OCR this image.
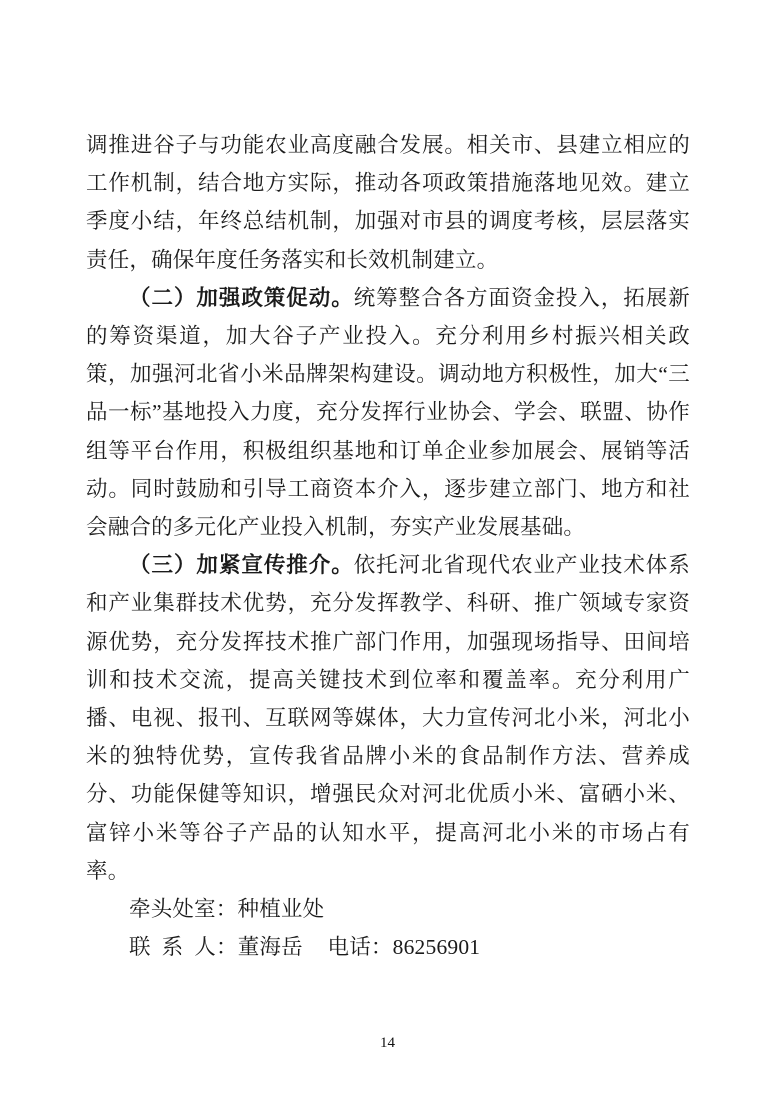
调推进谷子与功能农业高度融合发展。相关市、县建立相应的工作机制，结合地方实际，推动各项政策措施落地见效。建立季度小结，年终总结机制，加强对市县的调度考核，层层落实责任，确保年度任务落实和长效机制建立。

（二）加强政策促动。统筹整合各方面资金投入，拓展新的筹资渠道，加大谷子产业投入。充分利用乡村振兴相关政策，加强河北省小米品牌架构建设。调动地方积极性，加大“三品一标”基地投入力度，充分发挥行业协会、学会、联盟、协作组等平台作用，积极组织基地和订单企业参加展会、展销等活动。同时鼓励和引导工商资本介入，逐步建立部门、地方和社会融合的多元化产业投入机制，夯实产业发展基础。

（三）加紧宣传推介。依托河北省现代农业产业技术体系和产业集群技术优势，充分发挥教学、科研、推广领域专家资源优势，充分发挥技术推广部门作用，加强现场指导、田间培训和技术交流，提高关键技术到位率和覆盖率。充分利用广播、电视、报刊、互联网等媒体，大力宣传河北小米，河北小米的独特优势，宣传我省品牌小米的食品制作方法、营养成分、功能保健等知识，增强民众对河北优质小米、富硒小米、富锌小米等谷子产品的认知水平，提高河北小米的市场占有率。

牵头处室：种植业处

联 系 人：董海岳 电话：86256901

14
